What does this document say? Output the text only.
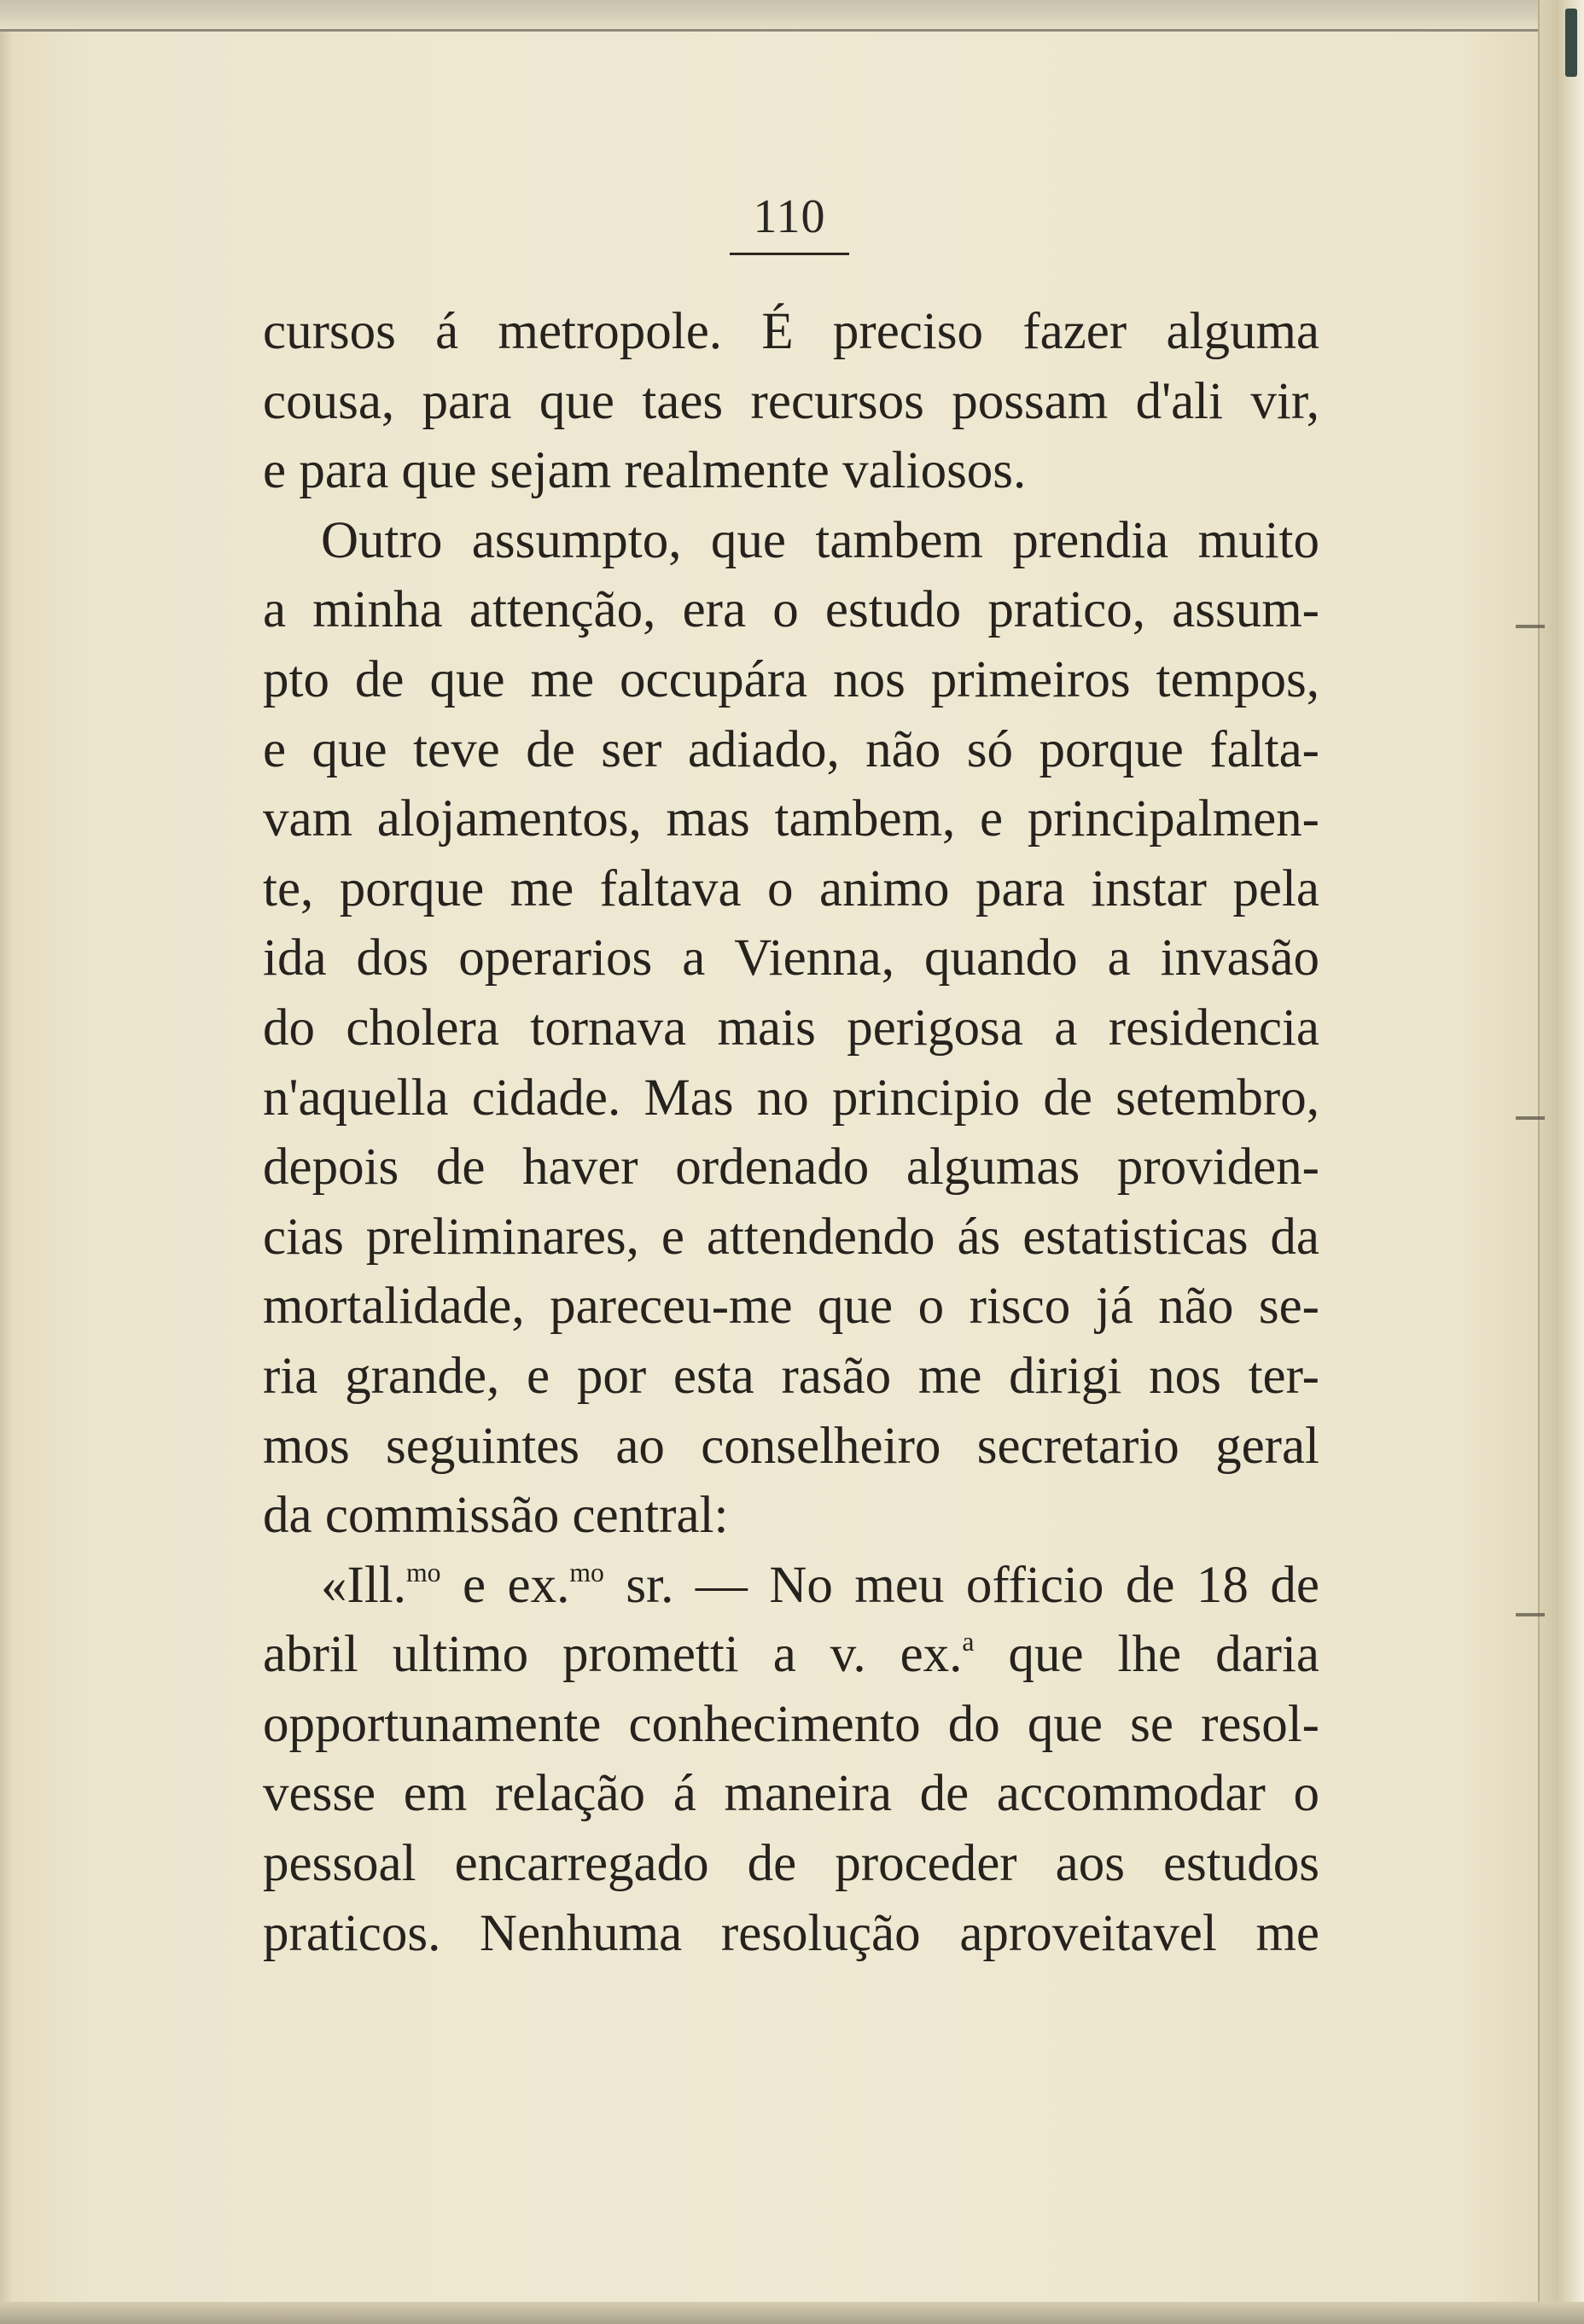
110
cursos á metropole. É preciso fazer alguma
cousa, para que taes recursos possam d'ali vir,
e para que sejam realmente valiosos.
Outro assumpto, que tambem prendia muito
a minha attenção, era o estudo pratico, assum-
pto de que me occupára nos primeiros tempos,
e que teve de ser adiado, não só porque falta-
vam alojamentos, mas tambem, e principalmen-
te, porque me faltava o animo para instar pela
ida dos operarios a Vienna, quando a invasão
do cholera tornava mais perigosa a residencia
n'aquella cidade. Mas no principio de setembro,
depois de haver ordenado algumas providen-
cias preliminares, e attendendo ás estatisticas da
mortalidade, pareceu-me que o risco já não se-
ria grande, e por esta rasão me dirigi nos ter-
mos seguintes ao conselheiro secretario geral
da commissão central:
«Ill.$^{mo}$ e ex.$^{mo}$ sr. — No meu officio de 18 de
abril ultimo prometti a v. ex.$^a$ que lhe daria
opportunamente conhecimento do que se resol-
vesse em relação á maneira de accommodar o
pessoal encarregado de proceder aos estudos
praticos. Nenhuma resolução aproveitavel me
